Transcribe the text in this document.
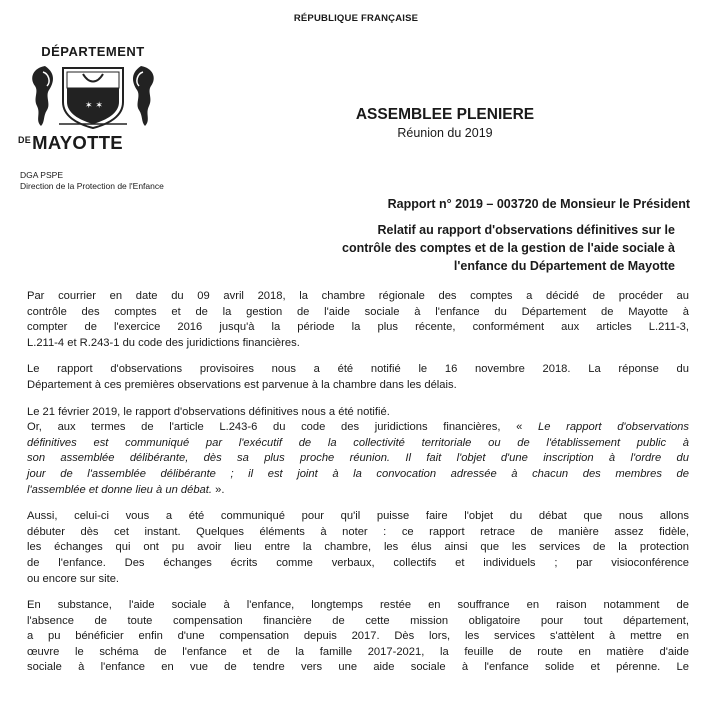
RÉPUBLIQUE FRANÇAISE
DÉPARTEMENT
✶ ✶
$^{DE}$MAYOTTE
DGA PSPE
Direction de la Protection de l'Enfance
ASSEMBLEE PLENIERE
Réunion du 2019
Rapport n° 2019 – 003720 de Monsieur le Président
Relatif au rapport d'observations définitives sur le
contrôle des comptes et de la gestion de l'aide sociale à
l'enfance du Département de Mayotte

Par courrier en date du 09 avril 2018, la chambre régionale des comptes a décidé de procéder au
contrôle des comptes et de la gestion de l'aide sociale à l'enfance du Département de Mayotte à
compter de l'exercice 2016 jusqu'à la période la plus récente, conformément aux articles L.211-3,
L.211-4 et R.243-1 du code des juridictions financières.

Le rapport d'observations provisoires nous a été notifié le 16 novembre 2018. La réponse du
Département à ces premières observations est parvenue à la chambre dans les délais.

Le 21 février 2019, le rapport d'observations définitives nous a été notifié.
Or, aux termes de l'article L.243-6 du code des juridictions financières, « Le rapport d'observations
définitives est communiqué par l'exécutif de la collectivité territoriale ou de l'établissement public à
son assemblée délibérante, dès sa plus proche réunion. Il fait l'objet d'une inscription à l'ordre du
jour de l'assemblée délibérante ; il est joint à la convocation adressée à chacun des membres de
l'assemblée et donne lieu à un débat. ».

Aussi, celui-ci vous a été communiqué pour qu'il puisse faire l'objet du débat que nous allons
débuter dès cet instant. Quelques éléments à noter : ce rapport retrace de manière assez fidèle,
les échanges qui ont pu avoir lieu entre la chambre, les élus ainsi que les services de la protection
de l'enfance. Des échanges écrits comme verbaux, collectifs et individuels ; par visioconférence
ou encore sur site.

En substance, l'aide sociale à l'enfance, longtemps restée en souffrance en raison notamment de
l'absence de toute compensation financière de cette mission obligatoire pour tout département,
a pu bénéficier enfin d'une compensation depuis 2017. Dès lors, les services s'attèlent à mettre en
œuvre le schéma de l'enfance et de la famille 2017-2021, la feuille de route en matière d'aide
sociale à l'enfance en vue de tendre vers une aide sociale à l'enfance solide et pérenne. Le
